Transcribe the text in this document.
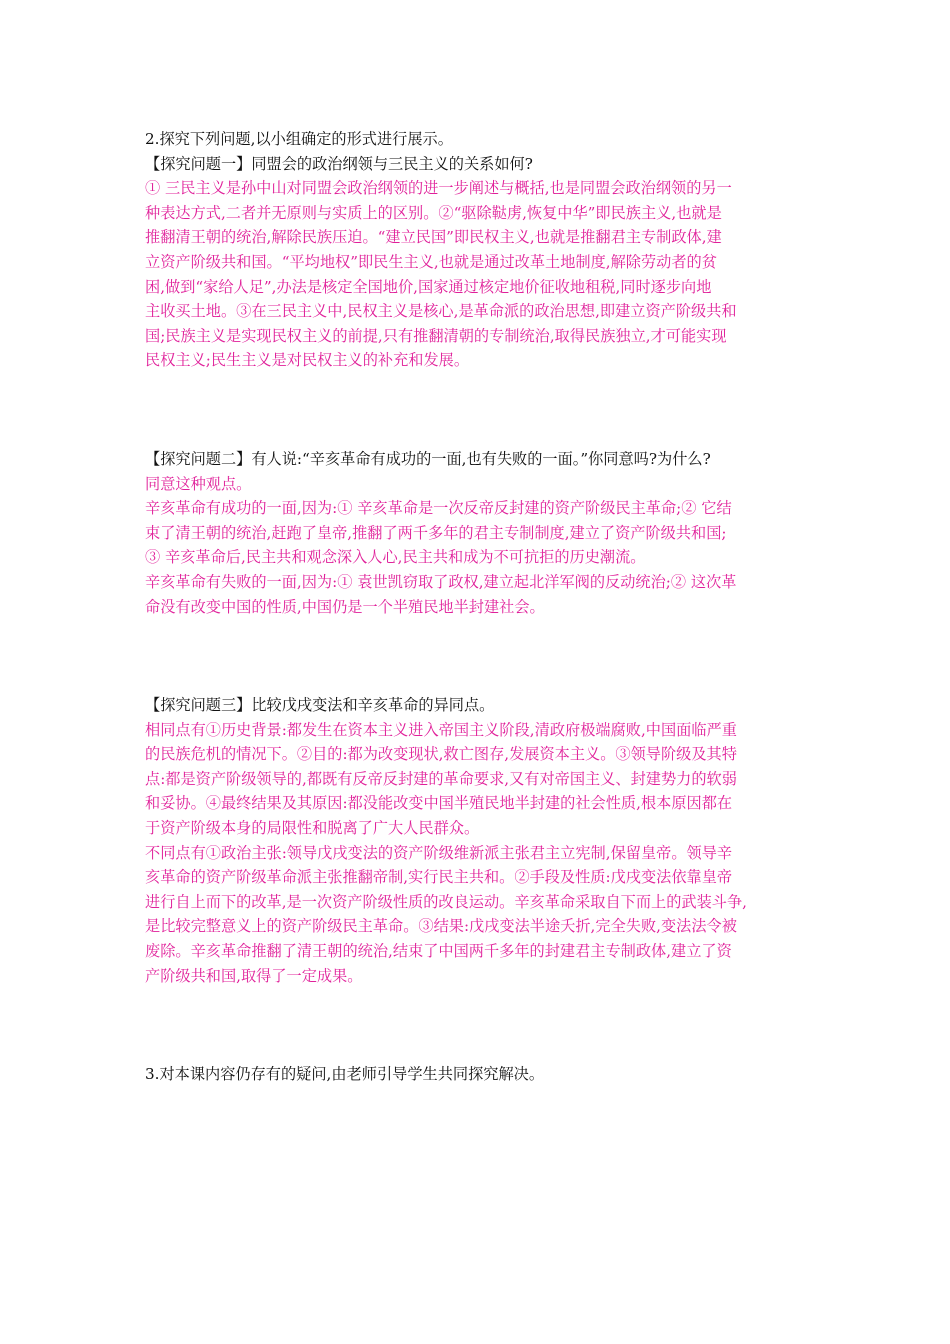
2.探究下列问题,以小组确定的形式进行展示。
【探究问题一】同盟会的政治纲领与三民主义的关系如何?
① 三民主义是孙中山对同盟会政治纲领的进一步阐述与概括,也是同盟会政治纲领的另一
种表达方式,二者并无原则与实质上的区别。②“驱除鞑虏,恢复中华”即民族主义,也就是
推翻清王朝的统治,解除民族压迫。“建立民国”即民权主义,也就是推翻君主专制政体,建
立资产阶级共和国。“平均地权”即民生主义,也就是通过改革土地制度,解除劳动者的贫
困,做到“家给人足”,办法是核定全国地价,国家通过核定地价征收地租税,同时逐步向地
主收买土地。③在三民主义中,民权主义是核心,是革命派的政治思想,即建立资产阶级共和
国;民族主义是实现民权主义的前提,只有推翻清朝的专制统治,取得民族独立,才可能实现
民权主义;民生主义是对民权主义的补充和发展。
【探究问题二】有人说:“辛亥革命有成功的一面,也有失败的一面。”你同意吗?为什么?
同意这种观点。
辛亥革命有成功的一面,因为:① 辛亥革命是一次反帝反封建的资产阶级民主革命;② 它结
束了清王朝的统治,赶跑了皇帝,推翻了两千多年的君主专制制度,建立了资产阶级共和国;
③ 辛亥革命后,民主共和观念深入人心,民主共和成为不可抗拒的历史潮流。
辛亥革命有失败的一面,因为:① 袁世凯窃取了政权,建立起北洋军阀的反动统治;② 这次革
命没有改变中国的性质,中国仍是一个半殖民地半封建社会。
【探究问题三】比较戊戌变法和辛亥革命的异同点。
相同点有①历史背景:都发生在资本主义进入帝国主义阶段,清政府极端腐败,中国面临严重
的民族危机的情况下。②目的:都为改变现状,救亡图存,发展资本主义。③领导阶级及其特
点:都是资产阶级领导的,都既有反帝反封建的革命要求,又有对帝国主义、封建势力的软弱
和妥协。④最终结果及其原因:都没能改变中国半殖民地半封建的社会性质,根本原因都在
于资产阶级本身的局限性和脱离了广大人民群众。
不同点有①政治主张:领导戊戌变法的资产阶级维新派主张君主立宪制,保留皇帝。领导辛
亥革命的资产阶级革命派主张推翻帝制,实行民主共和。②手段及性质:戊戌变法依靠皇帝
进行自上而下的改革,是一次资产阶级性质的改良运动。辛亥革命采取自下而上的武装斗争,
是比较完整意义上的资产阶级民主革命。③结果:戊戌变法半途夭折,完全失败,变法法令被
废除。辛亥革命推翻了清王朝的统治,结束了中国两千多年的封建君主专制政体,建立了资
产阶级共和国,取得了一定成果。
3.对本课内容仍存有的疑问,由老师引导学生共同探究解决。
